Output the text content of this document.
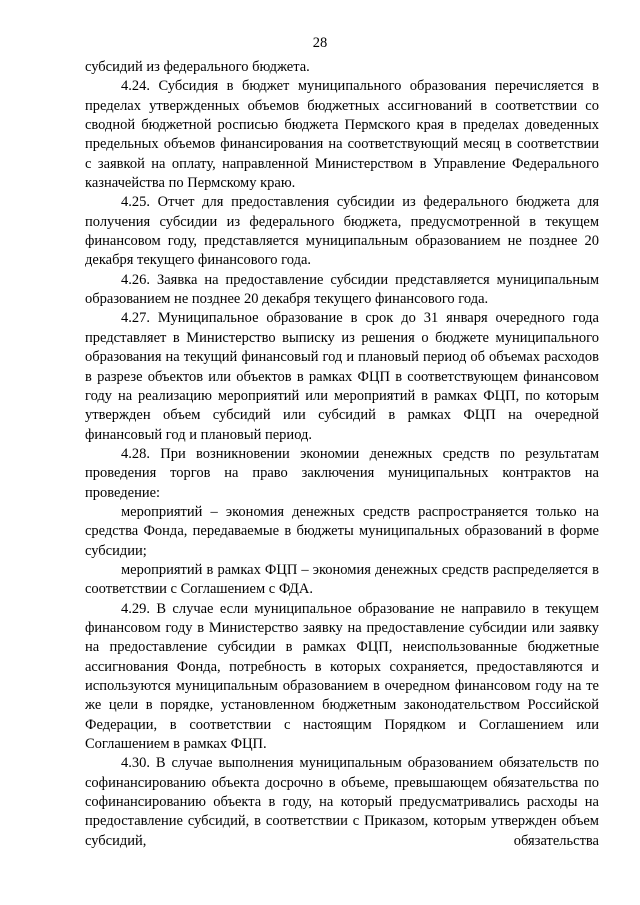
28

субсидий из федерального бюджета.

4.24. Субсидия в бюджет муниципального образования перечисляется в пределах утвержденных объемов бюджетных ассигнований в соответствии со сводной бюджетной росписью бюджета Пермского края в пределах доведенных предельных объемов финансирования на соответствующий месяц в соответствии с заявкой на оплату, направленной Министерством в Управление Федерального казначейства по Пермскому краю.

4.25. Отчет для предоставления субсидии из федерального бюджета для получения субсидии из федерального бюджета, предусмотренной в текущем финансовом году, представляется муниципальным образованием не позднее 20 декабря текущего финансового года.

4.26. Заявка на предоставление субсидии представляется муниципальным образованием не позднее 20 декабря текущего финансового года.

4.27. Муниципальное образование в срок до 31 января очередного года представляет в Министерство выписку из решения о бюджете муниципального образования на текущий финансовый год и плановый период об объемах расходов в разрезе объектов или объектов в рамках ФЦП в соответствующем финансовом году на реализацию мероприятий или мероприятий в рамках ФЦП, по которым утвержден объем субсидий или субсидий в рамках ФЦП на очередной финансовый год и плановый период.

4.28. При возникновении экономии денежных средств по результатам проведения торгов на право заключения муниципальных контрактов на проведение:

мероприятий – экономия денежных средств распространяется только на средства Фонда, передаваемые в бюджеты муниципальных образований в форме субсидии;

мероприятий в рамках ФЦП – экономия денежных средств распределяется в соответствии с Соглашением с ФДА.

4.29. В случае если муниципальное образование не направило в текущем финансовом году в Министерство заявку на предоставление субсидии или заявку на предоставление субсидии в рамках ФЦП, неиспользованные бюджетные ассигнования Фонда, потребность в которых сохраняется, предоставляются и используются муниципальным образованием в очередном финансовом году на те же цели в порядке, установленном бюджетным законодательством Российской Федерации, в соответствии с настоящим Порядком и Соглашением или Соглашением в рамках ФЦП.

4.30. В случае выполнения муниципальным образованием обязательств по софинансированию объекта досрочно в объеме, превышающем обязательства по софинансированию объекта в году, на который предусматривались расходы на предоставление субсидий, в соответствии с Приказом, которым утвержден объем субсидий, обязательства
